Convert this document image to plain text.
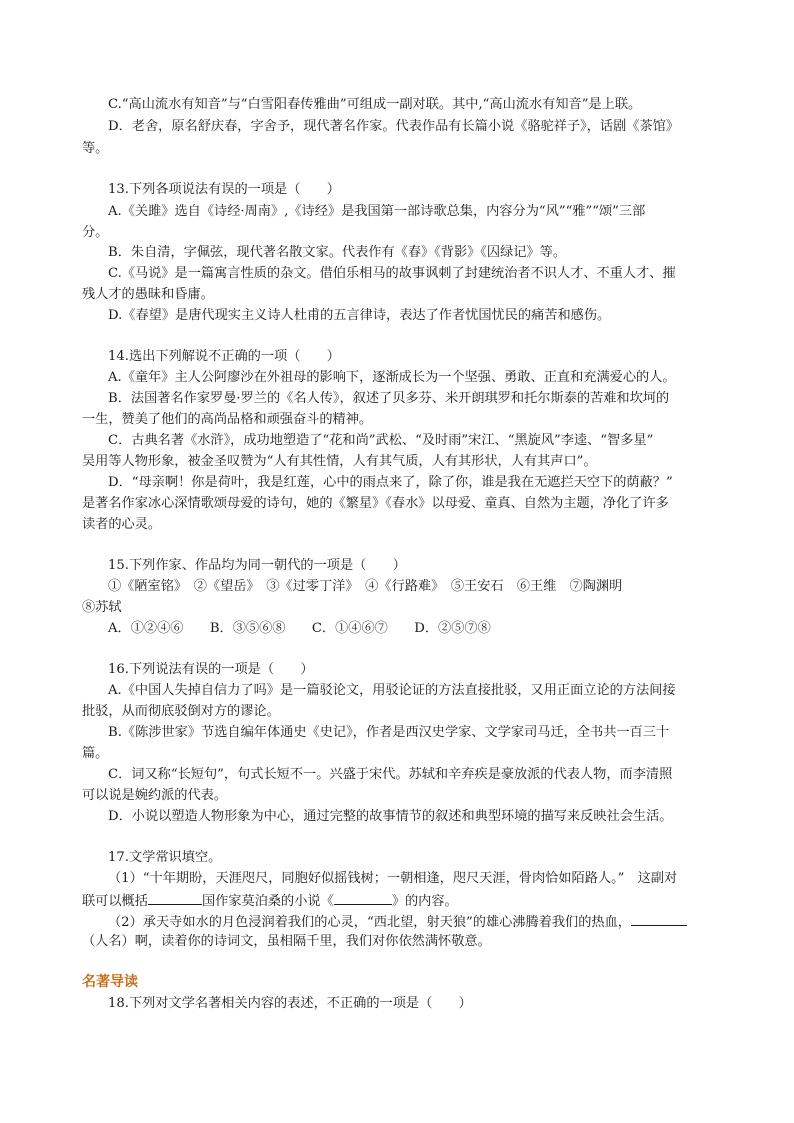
C.“高山流水有知音”与“白雪阳春传雅曲”可组成一副对联。其中,“高山流水有知音”是上联。
D．老舍，原名舒庆春，字舍予，现代著名作家。代表作品有长篇小说《骆驼祥子》，话剧《茶馆》
等。
13.下列各项说法有误的一项是（　　）
A.《关雎》选自《诗经·周南》,《诗经》是我国第一部诗歌总集，内容分为“风”“雅”“颂”三部
分。
B．朱自清，字佩弦，现代著名散文家。代表作有《春》《背影》《囚绿记》等。
C.《马说》是一篇寓言性质的杂文。借伯乐相马的故事讽刺了封建统治者不识人才、不重人才、摧
残人才的愚昧和昏庸。
D.《春望》是唐代现实主义诗人杜甫的五言律诗，表达了作者忧国忧民的痛苦和感伤。
14.选出下列解说不正确的一项（　　）
A.《童年》主人公阿廖沙在外祖母的影响下，逐渐成长为一个坚强、勇敢、正直和充满爱心的人。
B．法国著名作家罗曼·罗兰的《名人传》，叙述了贝多芬、米开朗琪罗和托尔斯泰的苦难和坎坷的
一生，赞美了他们的高尚品格和顽强奋斗的精神。
C．古典名著《水浒》，成功地塑造了“花和尚”武松、“及时雨”宋江、“黑旋风”李逵、“智多星”
吴用等人物形象，被金圣叹赞为“人有其性情，人有其气质，人有其形状，人有其声口”。
D．“母亲啊！你是荷叶，我是红莲，心中的雨点来了，除了你，谁是我在无遮拦天空下的荫蔽？”
是著名作家冰心深情歌颂母爱的诗句，她的《繁星》《春水》以母爱、童真、自然为主题，净化了许多
读者的心灵。
15.下列作家、作品均为同一朝代的一项是（　　）
①《陋室铭》　②《望岳》　③《过零丁洋》　④《行路难》　⑤王安石　⑥王维　⑦陶渊明
⑧苏轼
A．①②④⑥　　B．③⑤⑥⑧　　C．①④⑥⑦　　D．②⑤⑦⑧
16.下列说法有误的一项是（　　）
A.《中国人失掉自信力了吗》是一篇驳论文，用驳论证的方法直接批驳，又用正面立论的方法间接
批驳，从而彻底驳倒对方的谬论。
B.《陈涉世家》节选自编年体通史《史记》，作者是西汉史学家、文学家司马迁，全书共一百三十
篇。
C．词又称“长短句”，句式长短不一。兴盛于宋代。苏轼和辛弃疾是豪放派的代表人物，而李清照
可以说是婉约派的代表。
D．小说以塑造人物形象为中心，通过完整的故事情节的叙述和典型环境的描写来反映社会生活。
17.文学常识填空。
（1）“十年期盼，天涯咫尺，同胞好似摇钱树；一朝相逢，咫尺天涯，骨肉恰如陌路人。”　这副对
联可以概括	国作家莫泊桑的小说《	》的内容。
（2）承天寺如水的月色浸润着我们的心灵，“西北望，射天狼”的雄心沸腾着我们的热血，
（人名）啊，读着你的诗词文，虽相隔千里，我们对你依然满怀敬意。
名著导读
18.下列对文学名著相关内容的表述，不正确的一项是（　　）
